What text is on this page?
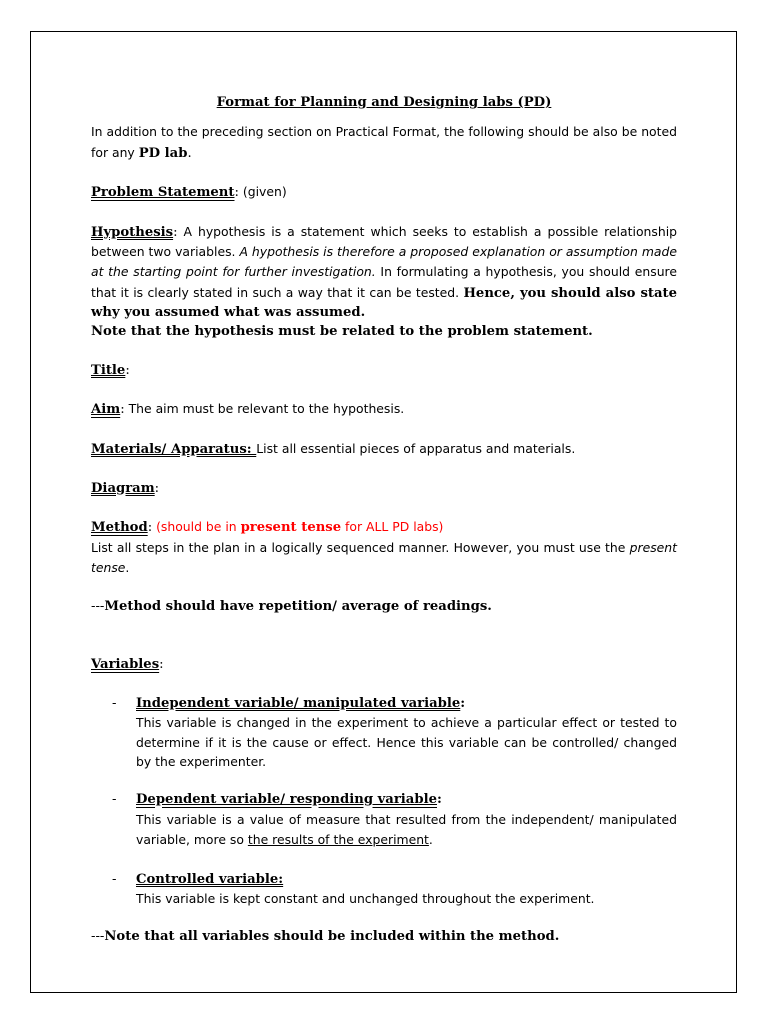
Format for Planning and Designing labs (PD)

In addition to the preceding section on Practical Format, the following should be also be noted for any PD lab.

Problem Statement: (given)

Hypothesis: A hypothesis is a statement which seeks to establish a possible relationship between two variables. A hypothesis is therefore a proposed explanation or assumption made at the starting point for further investigation. In formulating a hypothesis, you should ensure that it is clearly stated in such a way that it can be tested. Hence, you should also state why you assumed what was assumed.

Note that the hypothesis must be related to the problem statement.

Title:

Aim: The aim must be relevant to the hypothesis.

Materials/ Apparatus: List all essential pieces of apparatus and materials.

Diagram:

Method: (should be in present tense for ALL PD labs)

List all steps in the plan in a logically sequenced manner. However, you must use the present tense.

---Method should have repetition/ average of readings.

Variables:

- Independent variable/ manipulated variable:

This variable is changed in the experiment to achieve a particular effect or tested to determine if it is the cause or effect. Hence this variable can be controlled/ changed by the experimenter.

- Dependent variable/ responding variable:

This variable is a value of measure that resulted from the independent/ manipulated variable, more so the results of the experiment.

- Controlled variable:

This variable is kept constant and unchanged throughout the experiment.

---Note that all variables should be included within the method.
